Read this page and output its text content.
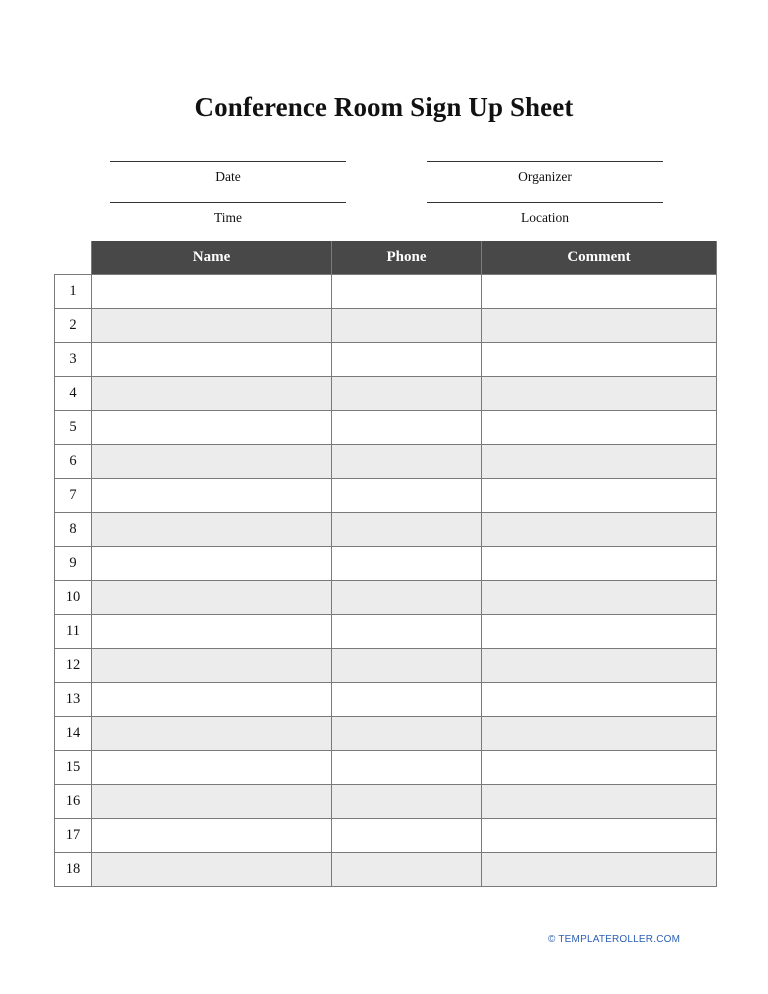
Conference Room Sign Up Sheet
Date	Organizer
Time	Location
	Name	Phone	Comment
1			
2			
3			
4			
5			
6			
7			
8			
9			
10			
11			
12			
13			
14			
15			
16			
17			
18			
© TEMPLATEROLLER.COM
